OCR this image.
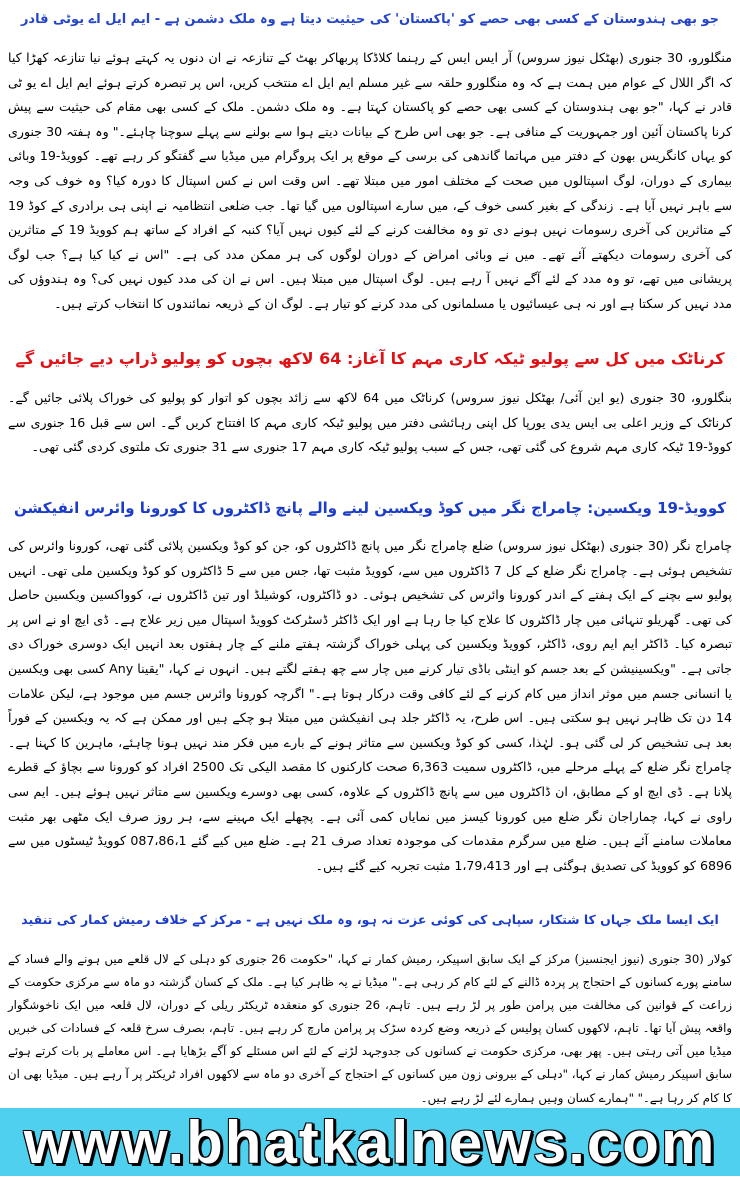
جو بھی ہندوستان کے کسی بھی حصے کو 'پاکستان' کی حیثیت دیتا ہے وہ ملک دشمن ہے - ایم ایل اے یوٹی قادر

منگلورو، 30 جنوری (بھٹکل نیوز سروس) آر ایس ایس کے رہنما کلاڈکا پربھاکر بھٹ کے تنازعہ نے ان دنوں یہ کہتے ہوئے نیا تنازعہ کھڑا کیا کہ اگر اللال کے عوام میں ہمت ہے کہ وہ منگلورو حلقہ سے غیر مسلم ایم ایل اے منتخب کریں، اس پر تبصرہ کرتے ہوئے ایم ایل اے یو ٹی قادر نے کہا، "جو بھی ہندوستان کے کسی بھی حصے کو پاکستان کہتا ہے۔ وہ ملک دشمن۔ ملک کے کسی بھی مقام کی حیثیت سے پیش کرنا پاکستان آئین اور جمہوریت کے منافی ہے۔ جو بھی اس طرح کے بیانات دیتے ہوا سے بولنے سے پہلے سوچنا چاہئے۔" وہ ہفتہ 30 جنوری کو یہاں کانگریس بھون کے دفتر میں مہاتما گاندھی کی برسی کے موقع پر ایک پروگرام میں میڈیا سے گفتگو کر رہے تھے۔ کوویڈ-19 وبائی بیماری کے دوران، لوگ اسپتالوں میں صحت کے مختلف امور میں مبتلا تھے۔ اس وقت اس نے کس اسپتال کا دورہ کیا؟ وہ خوف کی وجہ سے باہر نہیں آیا ہے۔ زندگی کے بغیر کسی خوف کے، میں سارے اسپتالوں میں گیا تھا۔ جب ضلعی انتظامیہ نے اپنی ہی برادری کے کوڈ 19 کے متاثرین کی آخری رسومات نہیں ہونے دی تو وہ مخالفت کرنے کے لئے کیوں نہیں آیا؟ کنبہ کے افراد کے ساتھ ہم کوویڈ 19 کے متاثرین کی آخری رسومات دیکھتے آئے تھے۔ میں نے وبائی امراض کے دوران لوگوں کی ہر ممکن مدد کی ہے۔ "اس نے کیا کیا ہے؟ جب لوگ پریشانی میں تھے، تو وہ مدد کے لئے آگے نہیں آ رہے ہیں۔ لوگ اسپتال میں مبتلا ہیں۔ اس نے ان کی مدد کیوں نہیں کی؟ وہ ہندوؤں کی مدد نہیں کر سکتا ہے اور نہ ہی عیسائیوں یا مسلمانوں کی مدد کرنے کو تیار ہے۔ لوگ ان کے ذریعہ نمائندوں کا انتخاب کرتے ہیں۔

کرناٹک میں کل سے پولیو ٹیکہ کاری مہم کا آغاز: 64 لاکھ بچوں کو پولیو ڈراپ دیے جائیں گے

بنگلورو، 30 جنوری (یو این آئی/ بھٹکل نیوز سروس) کرناٹک میں 64 لاکھ سے زائد بچوں کو اتوار کو پولیو کی خوراک پلائی جائیں گے۔ کرناٹک کے وزیر اعلی بی ایس یدی یورپا کل اپنی رہائشی دفتر میں پولیو ٹیکہ کاری مہم کا افتتاح کریں گے۔ اس سے قبل 16 جنوری سے کووڈ-19 ٹیکہ کاری مہم شروع کی گئی تھی، جس کے سبب پولیو ٹیکہ کاری مہم 17 جنوری سے 31 جنوری تک ملتوی کردی گئی تھی۔

کوویڈ-19 ویکسین: چامراج نگر میں کوڈ ویکسین لینے والے پانچ ڈاکٹروں کا کورونا وائرس انفیکشن

چامراج نگر (30 جنوری (بھٹکل نیوز سروس) ضلع چامراج نگر میں پانچ ڈاکٹروں کو، جن کو کوڈ ویکسین پلائی گئی تھی، کورونا وائرس کی تشخیص ہوئی ہے۔ چامراج نگر ضلع کے کل 7 ڈاکٹروں میں سے، کوویڈ مثبت تھا، جس میں سے 5 ڈاکٹروں کو کوڈ ویکسین ملی تھی۔ انہیں پولیو سے بچنے کے ایک ہفتے کے اندر کورونا وائرس کی تشخیص ہوئی۔ دو ڈاکٹروں، کوشیلڈ اور تین ڈاکٹروں نے، کوواکسین ویکسین حاصل کی تھی۔ گھریلو تنہائی میں چار ڈاکٹروں کا علاج کیا جا رہا ہے اور ایک ڈاکٹر ڈسٹرکٹ کوویڈ اسپتال میں زیر علاج ہے۔ ڈی ایچ او نے اس پر تبصرہ کیا۔ ڈاکٹر ایم ایم روی، ڈاکٹر، کوویڈ ویکسین کی پہلی خوراک گزشتہ ہفتے ملنے کے چار ہفتوں بعد انہیں ایک دوسری خوراک دی جاتی ہے۔ "ویکسینیشن کے بعد جسم کو اینٹی باڈی تیار کرنے میں چار سے چھ ہفتے لگتے ہیں۔ انہوں نے کہا، "یقینا Any کسی بھی ویکسین یا انسانی جسم میں موثر انداز میں کام کرنے کے لئے کافی وقت درکار ہوتا ہے۔" اگرچہ کورونا وائرس جسم میں موجود ہے، لیکن علامات 14 دن تک ظاہر نہیں ہو سکتی ہیں۔ اس طرح، یہ ڈاکٹر جلد ہی انفیکشن میں مبتلا ہو چکے ہیں اور ممکن ہے کہ یہ ویکسین کے فوراً بعد ہی تشخیص کر لی گئی ہو۔ لہٰذا، کسی کو کوڈ ویکسین سے متاثر ہونے کے بارے میں فکر مند نہیں ہونا چاہئے، ماہرین کا کہنا ہے۔ چامراج نگر ضلع کے پہلے مرحلے میں، ڈاکٹروں سمیت 6,363 صحت کارکنوں کا مقصد الیکی تک 2500 افراد کو کورونا سے بچاؤ کے قطرے پلانا ہے۔ ڈی ایچ او کے مطابق، ان ڈاکٹروں میں سے پانچ ڈاکٹروں کے علاوہ، کسی بھی دوسرے ویکسین سے متاثر نہیں ہوئے ہیں۔ ایم سی راوی نے کہا، چماراجان نگر ضلع میں کورونا کیسز میں نمایاں کمی آئی ہے۔ پچھلے ایک مہینے سے، ہر روز صرف ایک مٹھی بھر مثبت معاملات سامنے آئے ہیں۔ ضلع میں سرگرم مقدمات کی موجودہ تعداد صرف 21 ہے۔ ضلع میں کیے گئے 087،86،1 کوویڈ ٹیسٹوں میں سے 6896 کو کوویڈ کی تصدیق ہوگئی ہے اور 1،79،413 مثبت تجربہ کیے گئے ہیں۔

ایک ایسا ملک جہاں کا شتکار، سپاہی کی کوئی عزت نہ ہو، وہ ملک نہیں ہے - مرکز کے خلاف رمیش کمار کی تنقید

کولار (30 جنوری (نیوز ایجنسیز) مرکز کے ایک سابق اسپیکر، رمیش کمار نے کہا، "حکومت 26 جنوری کو دہلی کے لال قلعے میں ہونے والے فساد کے سامنے پورے کسانوں کے احتجاج پر پردہ ڈالنے کے لئے کام کر رہی ہے۔" میڈیا نے یہ ظاہر کیا ہے۔ ملک کے کسان گزشتہ دو ماہ سے مرکزی حکومت کے زراعت کے قوانین کی مخالفت میں پرامن طور پر لڑ رہے ہیں۔ تاہم، 26 جنوری کو منعقدہ ٹریکٹر ریلی کے دوران، لال قلعہ میں ایک ناخوشگوار واقعہ پیش آیا تھا۔ تاہم، لاکھوں کسان پولیس کے ذریعہ وضع کردہ سڑک پر پرامن مارچ کر رہے ہیں۔ تاہم، بصرف سرخ قلعہ کے فسادات کی خبریں میڈیا میں آتی رہتی ہیں۔ پھر بھی، مرکزی حکومت نے کسانوں کی جدوجہد لڑنے کے لئے اس مسئلے کو آگے بڑھایا ہے۔ اس معاملے پر بات کرتے ہوئے سابق اسپیکر رمیش کمار نے کہا، "دہلی کے بیرونی زون میں کسانوں کے احتجاج کے آخری دو ماہ سے لاکھوں افراد ٹریکٹر پر آ رہے ہیں۔ میڈیا بھی ان کا کام کر رہا ہے۔" "ہمارے کسان وہیں ہمارے لئے لڑ رہے ہیں۔

www.bhatkalnews.com
